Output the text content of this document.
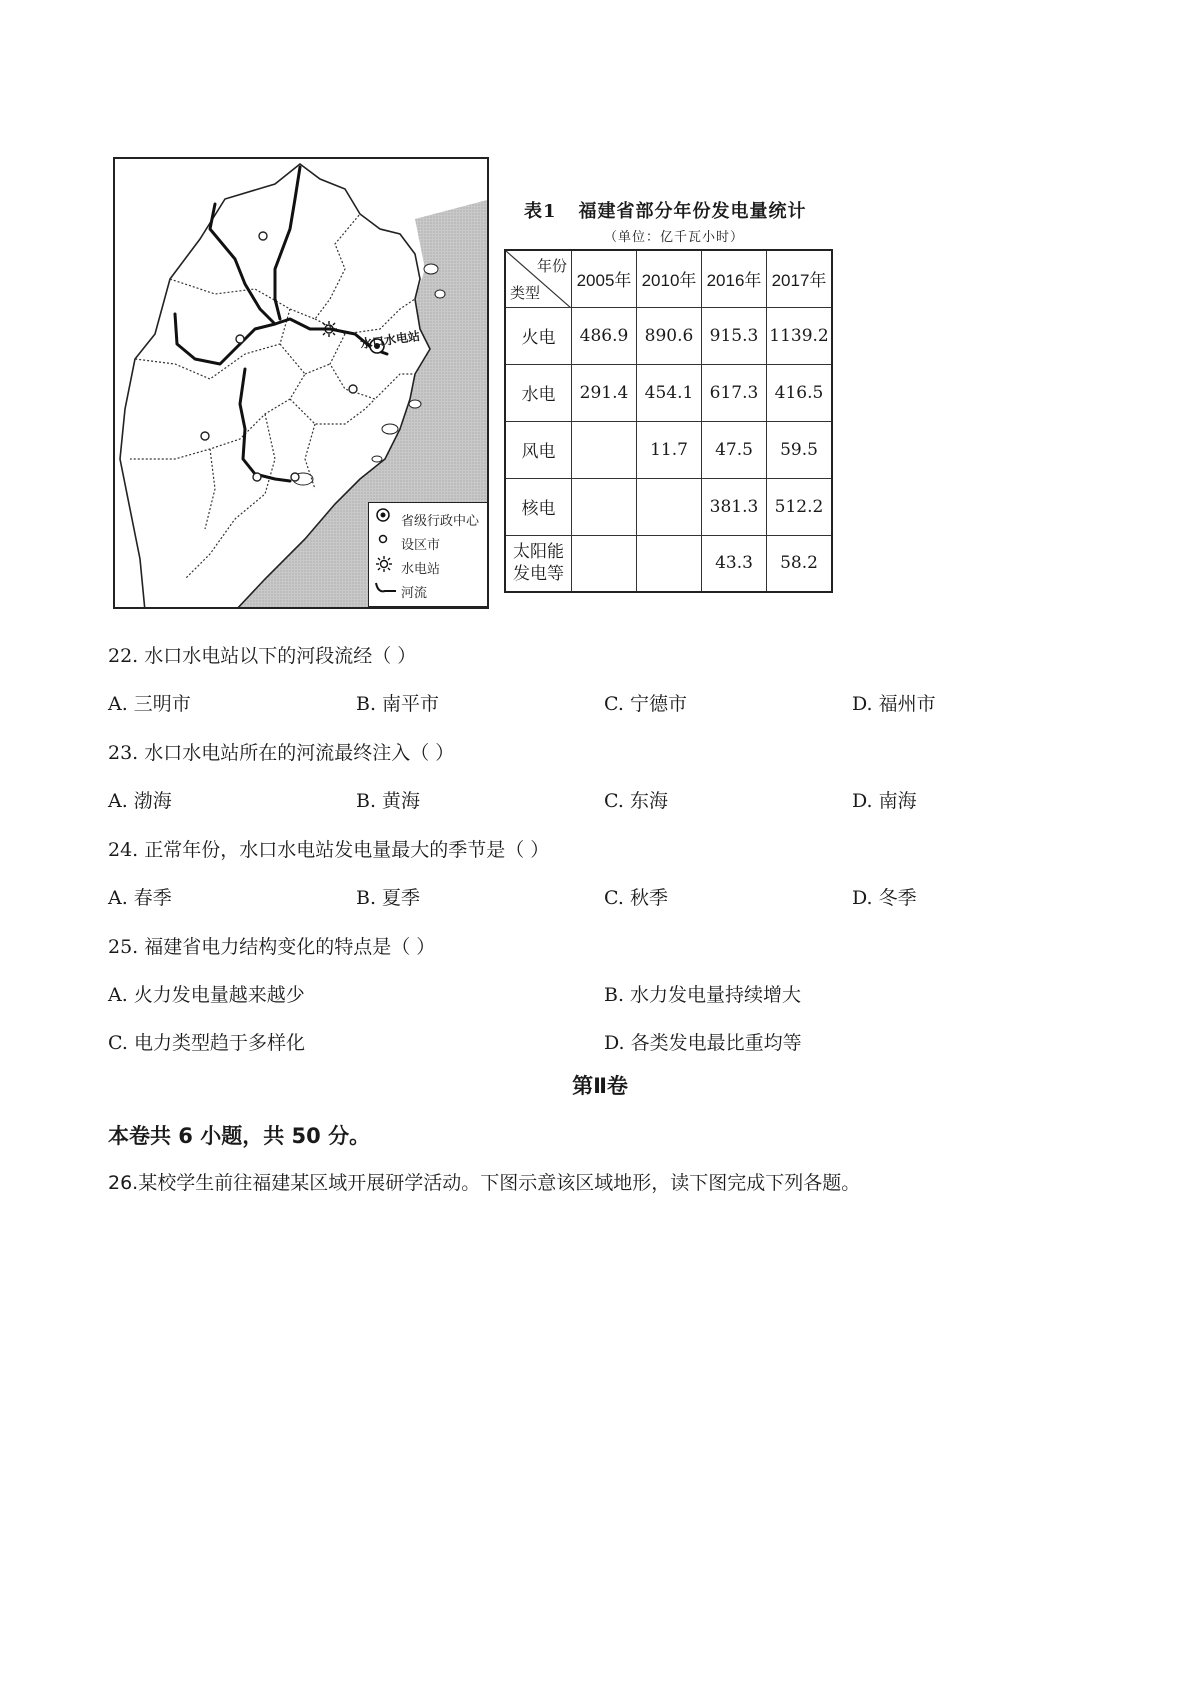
水口水电站
省级行政中心
设区市
水电站
河流
表1 福建省部分年份发电量统计
（单位：亿千瓦小时）
年份
类型	2005年	2010年	2016年	2017年
火电	486.9	890.6	915.3	1139.2
水电	291.4	454.1	617.3	416.5
风电		11.7	47.5	59.5
核电			381.3	512.2
太阳能
发电等			43.3	58.2
22. 水口水电站以下的河段流经（ ）
A. 三明市	B. 南平市	C. 宁德市	D. 福州市
23. 水口水电站所在的河流最终注入（ ）
A. 渤海	B. 黄海	C. 东海	D. 南海
24. 正常年份，水口水电站发电量最大的季节是（ ）
A. 春季	B. 夏季	C. 秋季	D. 冬季
25. 福建省电力结构变化的特点是（ ）
A. 火力发电量越来越少	B. 水力发电量持续增大
C. 电力类型趋于多样化	D. 各类发电最比重均等
第Ⅱ卷
本卷共 6 小题，共 50 分。
26.某校学生前往福建某区域开展研学活动。下图示意该区域地形，读下图完成下列各题。
